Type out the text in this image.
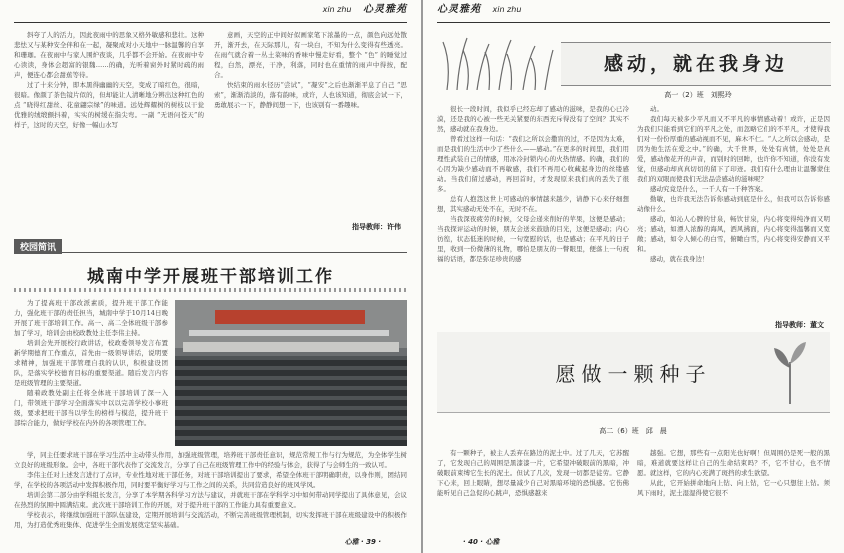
xin zhu 心灵雅苑

斜夸了人的活力，因此夜雨中的思象又格外敏感和悲壮。这种悲怯又与某种安全伴和在一起，凝聚成对小天地中一脉温馨的自享和珊珈。在夜雨中与家人围炉夜谈，几乎都不会开始。在夜雨中专心读读，身体会超富的银魏……的确，光听着窗外时紧时疏的雨声，便连心都会甜蕉等待。

过了十来分钟，即本黑得幽幽的天空，变成了暗红色，很暗，很暗。像颜了茶色镜片似的，但却能让人清晰地分辨出这种红色的点 “晓得红甜丝、花童翩宗绿”的味道。远处辉耀树的树枝以干瓮优雅的绒缎颤抖着，实实的树缓在指尖弯。一副 “无语问苍天”的样子，这时的天空，好像一幅山水写

意画，天空的正中间好似画家笔下浓墨的一点，颜色向远处散开，渐开去，在天际那儿，有一块白，不知为什么变得有些透亮。在雨气就合着一丛土菜味的香味中慢走好看，整个 “色” 的睡觉过程，白然，漂亮，干净，利落，同时也在重情的雨声中得按，配合。

快结束的雨水径历“尝试”，“凝安”之后也渐渐平息了自己 “思索”，渐渐消淡的，落有韵味，或许，人也该知道，彻底会试一下，勇敢展示一下，静静间想一下，也该别有一番趣味。

指导教师：许伟
校园简讯
城南中学开展班干部培训工作

为了提高班干部改派素质，提升班干部工作能力，强化班干部的责任担当，城南中学于10月14日晚开展了班干部培训工作。高一、高二全体班级干部参加了学习，培训会由校政教处主任李伟主持。

培训会先开展校行政讲话，校政委领导发言布置新学期德育工作重点，首先由一级领导讲话，说明要求精神，加强班干部管理自我的认识，积极建设团队，是落实学校德育目标的重要渠道。随后发言内容是班级管理的主要渠道。

随着政教处副主任将全体班干部培训了深一入门，带领班干部学习全面落实中以以完善学校小事班级，要求把班干部当以学生的榜样与模范，提升班干部综合能力，做好学校在内外的各项管理工作。

学，同主任要求班干部在学习生活中主动带头作用，加强班级管理，培养班干部责任意识，规范常规工作与行为规范，为全体学生树立良好的班级形象。会中，各班干部代表作了交流发言，分享了自己在班级管理工作中的经验与体会，获得了与会师生的一致认可。

李伟主任对上述发言进行了点评，专业性地对班干部任务，对班干部培训提出了要求，希望全体班干部明确职责，以身作则，团结同学，在学校的各项活动中发挥积极作用，同时要平衡好学习与工作之间的关系，共同营造良好的班风学风。

培训会第二部分由学科组长发言，分享了本学期各科学习方法与建议，并就班干部在学科学习中如何带动同学提出了具体意见，会议在热烈的氛围中圆满结束。此次班干部培训工作的开展，对于提升班干部的工作能力具有重要意义。

学校表示，将继续加强班干部队伍建设，定期开展培训与交流活动，不断完善班级管理机制，切实发挥班干部在班级建设中的积极作用，为打造优秀班集体、促进学生全面发展奠定坚实基础。

心雅 · 39 ·
心灵雅苑 xin zhu
感动，就在我身边
高一（2）班　刘熙玲

很长一段时间，我似乎已经忘却了感动的滋味，是我的心已冷漠，还是我的心被一些无关紧要的东西充斥得没有了空间？其实不然，感动就在我身边。

曾看过这样一句话：“我们之所以会撒盲的过，不是因为太难，而是我们的生活中少了些什么——感动。”在更多的时间里，我们用理性武装自己的情感，用冰冷封锁内心的火热情感。的确，我们的心因为缺少感动而不再敏感，我们不再用心收藏起身边的丝缕感动。当我们留过感动，再回首时，才发现原来我们真的丢失了很多。

总有人抱怨这世上可感动的事情越来越少，请静下心来仔细想想，其实感动无处不在，无时不在。

当我深夜疲劳的时候，父母会递来削好的苹果，这便是感动；当我探评运动的时候，朋友会送来鼓励的目光，这便是感动；内心彷徨，状态低迷的时候，一句宽慰的话，也是感动；在平凡的日子里，收到一份微薄的礼物，哪怕是朋友的一瞥眼里，便落上一句祝福的话语，都是弥足珍贵的感

动。

我们每天被多少平凡而又不平凡的事情感动着！或许，正是因为我们只能看到它们的平凡之处，而忽略它们的不平凡，才使得我们对一份份厚重的感动视而不见，麻木不仁。“人之所以会感动，是因为他生活在爱之中。”的确，大千世界，处处有真情，处处是真爱，感动像花开的声音，而别时的回眸，也许你不知道，你没有发觉，但感动却真真切切的留下了印迹。我们有什么理由让温馨蒙住我们的双眼而使我们无法品尝感动的滋味呢？

感动究竟是什么，一千人有一千种答案。

勤敏，也许我无法告诉你感动到底是什么，但我可以告诉你感动像什么。

感动，如沁人心脾的甘泉，畅饮甘泉，内心将变得纯净而又明亮；感动，如漂人浓醇的海风，洒风拂面，内心将变得温馨而又宽敞；感动，如令人倾心的白雪，俯瞰白雪，内心将变得安静而又平和。

感动，就在我身边！

指导教师：董文
愿做一颗种子
高二（6）班　邱　晨

有一颗种子，被主人丢弃在路边的泥土中。过了几天，它苏醒了，它发现自己的周围是黑漆漆一片，它希望冲破眼前的黑暗，冲破眼前束缚它生长的泥土。但试了几次，发现一切都是徒劳。它静下心来，回上眼睛，想尽量减少自己对黑暗环境的恐惧感。它伤佛能听见自己急促的心跳声，恐惧感越来

越强。它想，那些有一点阳光也好啊！但周围仍是死一般的黑暗，难道就要这样让自己的生命结束吗？不，它不甘心，也不情愿。就这样，它的内心充满了斑挡的求生欲望。

从此，它开始拼命地向上钻、向上钻，它一心只想往上钻。须风下雨时，泥土湿湿得使它很不

· 40 · 心雅
